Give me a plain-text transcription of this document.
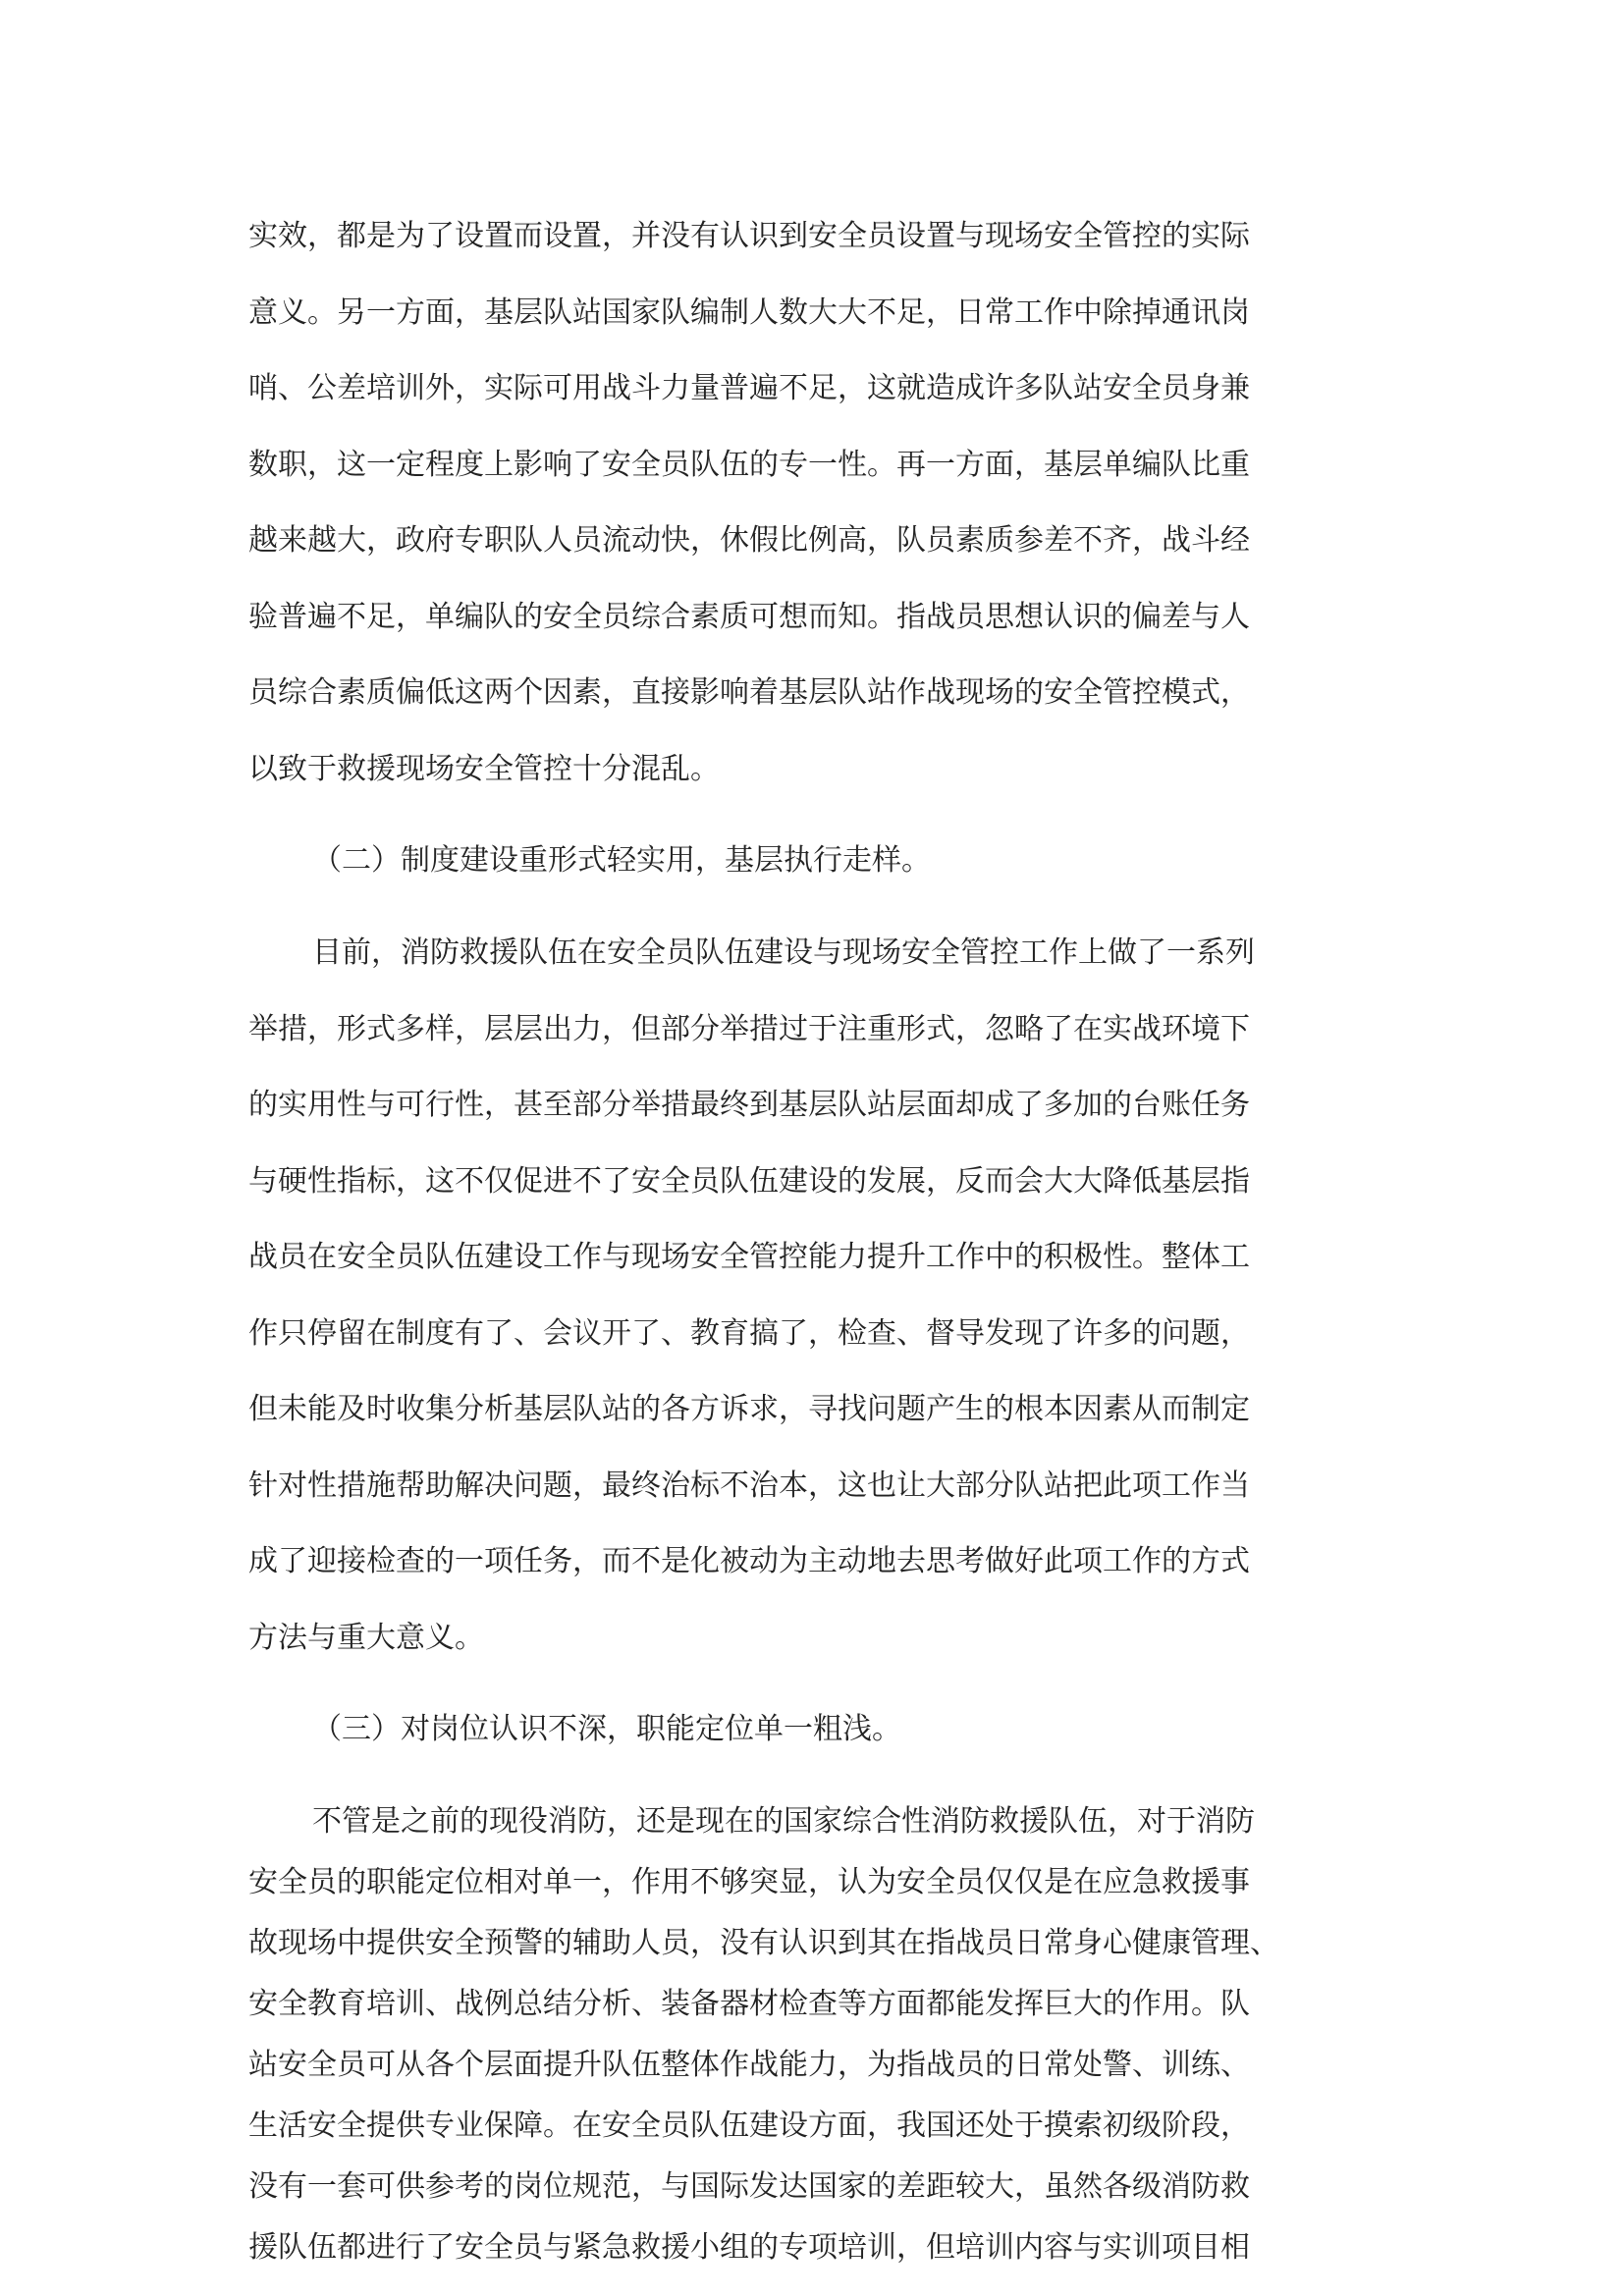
实效，都是为了设置而设置，并没有认识到安全员设置与现场安全管控的实际

意义。另一方面，基层队站国家队编制人数大大不足，日常工作中除掉通讯岗

哨、公差培训外，实际可用战斗力量普遍不足，这就造成许多队站安全员身兼

数职，这一定程度上影响了安全员队伍的专一性。再一方面，基层单编队比重

越来越大，政府专职队人员流动快，休假比例高，队员素质参差不齐，战斗经

验普遍不足，单编队的安全员综合素质可想而知。指战员思想认识的偏差与人

员综合素质偏低这两个因素，直接影响着基层队站作战现场的安全管控模式，

以致于救援现场安全管控十分混乱。

（二）制度建设重形式轻实用，基层执行走样。

目前，消防救援队伍在安全员队伍建设与现场安全管控工作上做了一系列

举措，形式多样，层层出力，但部分举措过于注重形式，忽略了在实战环境下

的实用性与可行性，甚至部分举措最终到基层队站层面却成了多加的台账任务

与硬性指标，这不仅促进不了安全员队伍建设的发展，反而会大大降低基层指

战员在安全员队伍建设工作与现场安全管控能力提升工作中的积极性。整体工

作只停留在制度有了、会议开了、教育搞了，检查、督导发现了许多的问题，

但未能及时收集分析基层队站的各方诉求，寻找问题产生的根本因素从而制定

针对性措施帮助解决问题，最终治标不治本，这也让大部分队站把此项工作当

成了迎接检查的一项任务，而不是化被动为主动地去思考做好此项工作的方式

方法与重大意义。

（三）对岗位认识不深，职能定位单一粗浅。

不管是之前的现役消防，还是现在的国家综合性消防救援队伍，对于消防

安全员的职能定位相对单一，作用不够突显，认为安全员仅仅是在应急救援事

故现场中提供安全预警的辅助人员，没有认识到其在指战员日常身心健康管理、

安全教育培训、战例总结分析、装备器材检查等方面都能发挥巨大的作用。队

站安全员可从各个层面提升队伍整体作战能力，为指战员的日常处警、训练、

生活安全提供专业保障。在安全员队伍建设方面，我国还处于摸索初级阶段，

没有一套可供参考的岗位规范，与国际发达国家的差距较大，虽然各级消防救

援队伍都进行了安全员与紧急救援小组的专项培训，但培训内容与实训项目相
